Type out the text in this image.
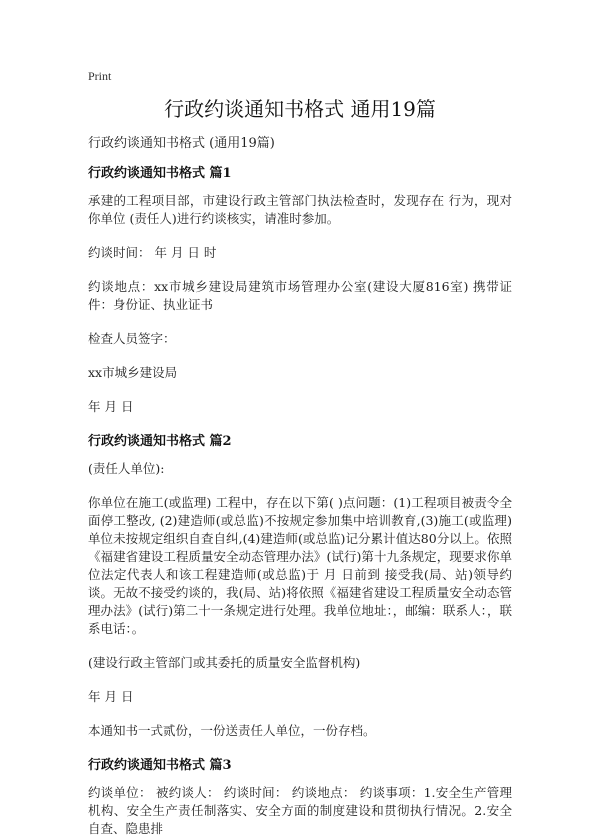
Print
行政约谈通知书格式 通用19篇
行政约谈通知书格式 (通用19篇)
行政约谈通知书格式 篇1

承建的工程项目部，市建设行政主管部门执法检查时，发现存在 行为，现对你单位 (责任人)进行约谈核实，请准时参加。

约谈时间： 年 月 日 时

约谈地点：xx市城乡建设局建筑市场管理办公室(建设大厦816室) 携带证件：身份证、执业证书

检查人员签字：

xx市城乡建设局

年 月 日

行政约谈通知书格式 篇2

(责任人单位):

你单位在施工(或监理) 工程中，存在以下第( )点问题：(1)工程项目被责令全面停工整改, (2)建造师(或总监)不按规定参加集中培训教育,(3)施工(或监理)单位未按规定组织自查自纠,(4)建造师(或总监)记分累计值达80分以上。依照《福建省建设工程质量安全动态管理办法》(试行)第十九条规定，现要求你单位法定代表人和该工程建造师(或总监)于 月 日前到 接受我(局、站)领导约谈。无故不接受约谈的，我(局、站)将依照《福建省建设工程质量安全动态管理办法》(试行)第二十一条规定进行处理。我单位地址：，邮编：联系人：，联系电话：。

(建设行政主管部门或其委托的质量安全监督机构)

年 月 日

本通知书一式贰份，一份送责任人单位，一份存档。

行政约谈通知书格式 篇3

约谈单位： 被约谈人： 约谈时间： 约谈地点： 约谈事项：1.安全生产管理机构、安全生产责任制落实、安全方面的制度建设和贯彻执行情况。2.安全自查、隐患排
